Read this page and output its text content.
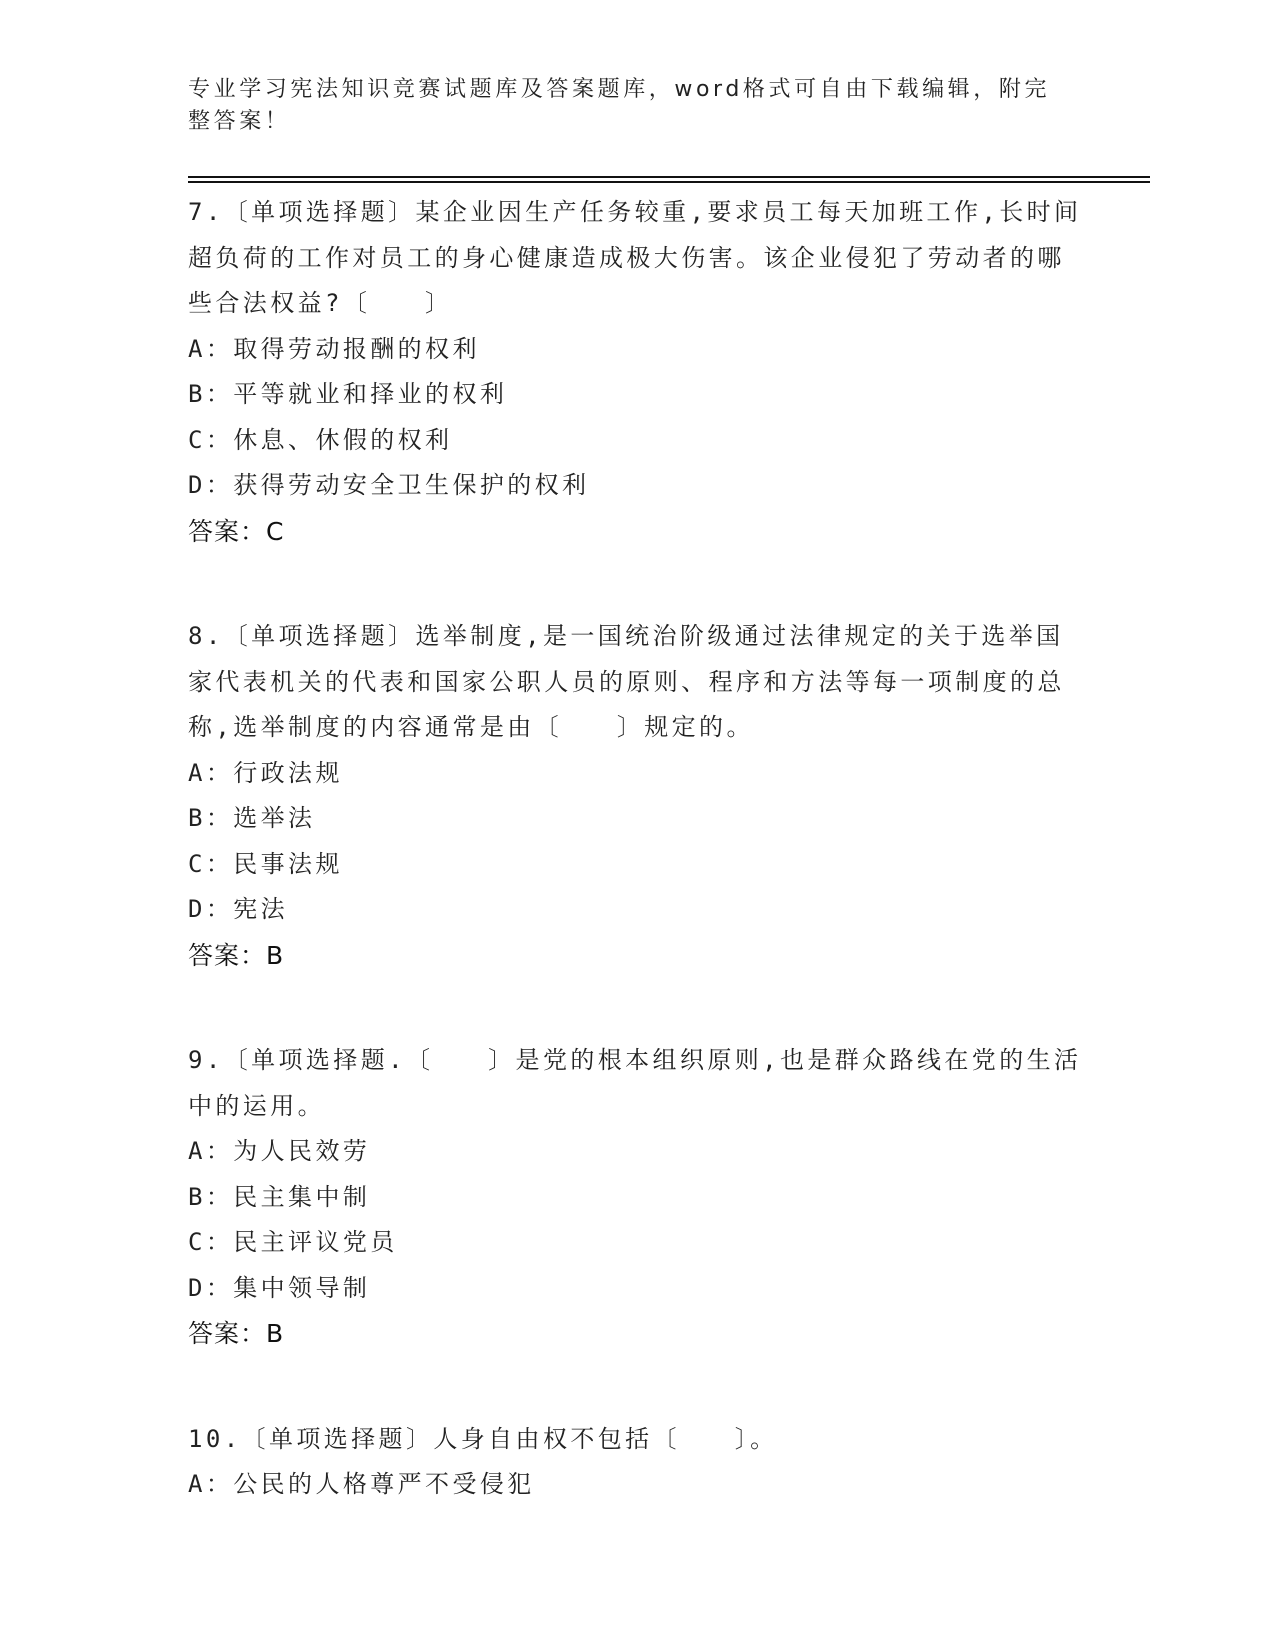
专业学习宪法知识竞赛试题库及答案题库，word格式可自由下载编辑，附完整答案！

7.〔单项选择题〕某企业因生产任务较重,要求员工每天加班工作,长时间超负荷的工作对员工的身心健康造成极大伤害。该企业侵犯了劳动者的哪些合法权益?〔　　〕

A：取得劳动报酬的权利

B：平等就业和择业的权利

C：休息、休假的权利

D：获得劳动安全卫生保护的权利

答案：C

8.〔单项选择题〕选举制度,是一国统治阶级通过法律规定的关于选举国家代表机关的代表和国家公职人员的原则、程序和方法等每一项制度的总称,选举制度的内容通常是由〔　　〕规定的。

A：行政法规

B：选举法

C：民事法规

D：宪法

答案：B

9.〔单项选择题.〔　　〕是党的根本组织原则,也是群众路线在党的生活中的运用。

A：为人民效劳

B：民主集中制

C：民主评议党员

D：集中领导制

答案：B

10.〔单项选择题〕人身自由权不包括〔　　〕。

A：公民的人格尊严不受侵犯
